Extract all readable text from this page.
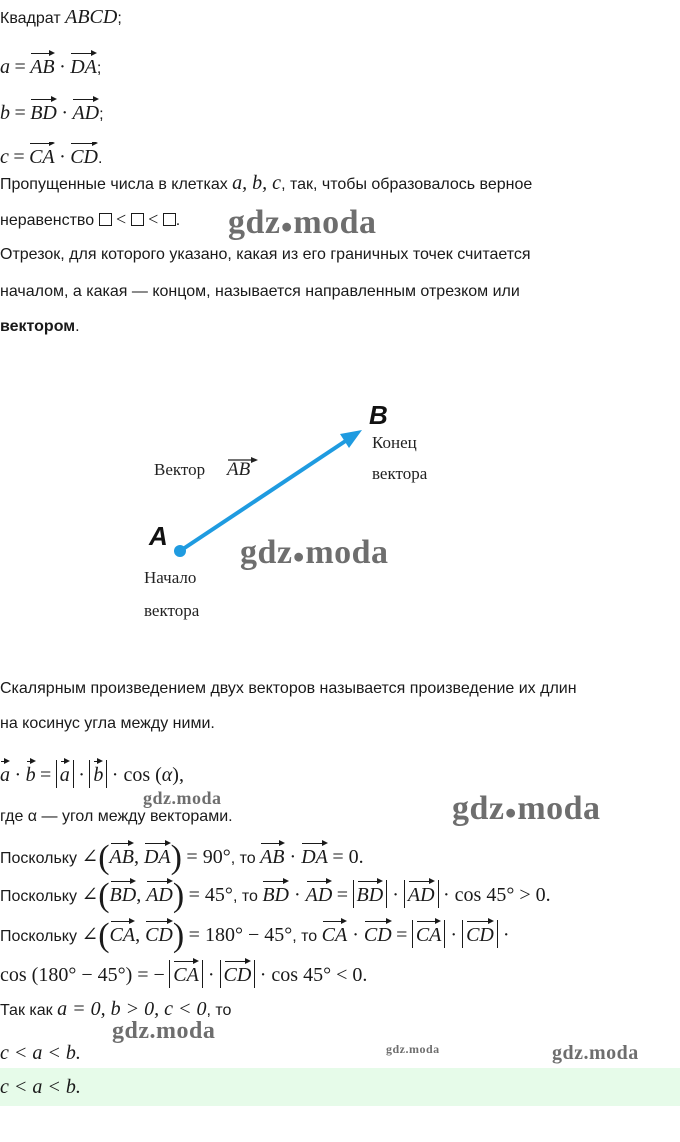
Квадрат ABCD;
a = AB · DA;
b = BD · AD;
c = CA · CD.
Пропущенные числа в клетках a, b, c, так, чтобы образовалось верное
неравенство < < .
Отрезок, для которого указано, какая из его граничных точек считается
началом, а какая — концом, называется направленным отрезком или
вектором.
B
A
Вектор AB
Конец
вектора
Начало
вектора
Скалярным произведением двух векторов называется произведение их длин
на косинус угла между ними.
a · b = a · b · cos (α),
где α — угол между векторами.
Поскольку ∠(AB, DA) = 90°, то AB · DA = 0.
Поскольку ∠(BD, AD) = 45°, то BD · AD = BD · AD · cos 45° > 0.
Поскольку ∠(CA, CD) = 180° − 45°, то CA · CD = CA · CD ·
cos (180° − 45°) = − CA · CD · cos 45° < 0.
Так как a = 0, b > 0, c < 0, то
c < a < b.
c < a < b.
gdz●moda
gdz●moda
gdz●moda
gdz.moda
gdz.moda
gdz.moda	gdz.moda
